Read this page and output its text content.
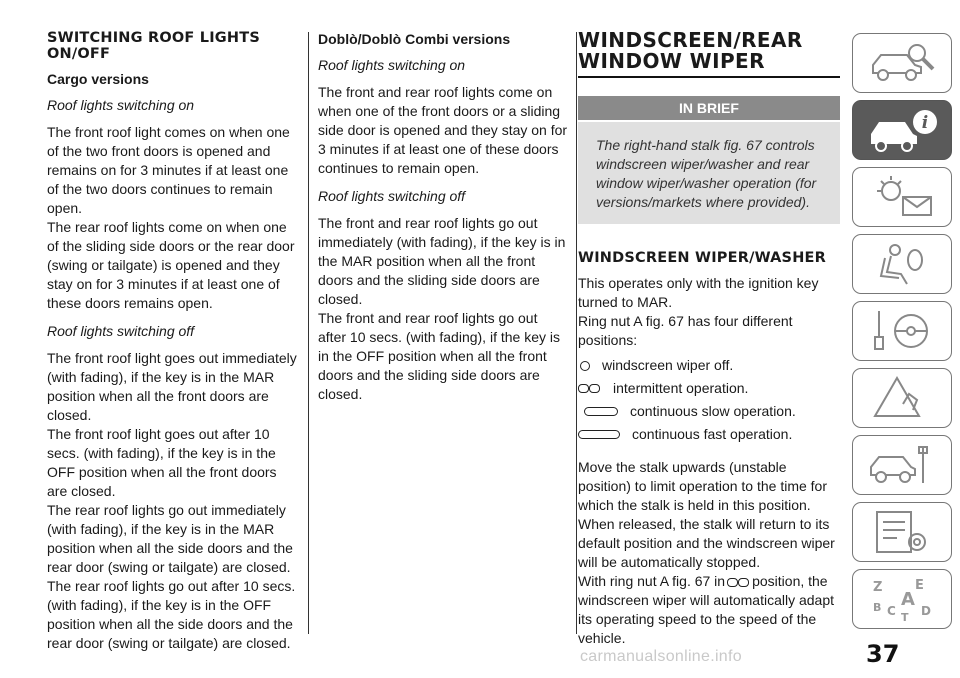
SWITCHING ROOF LIGHTS ON/OFF
Cargo versions
Roof lights switching on

The front roof light comes on when one of the two front doors is opened and remains on for 3 minutes if at least one of the two doors continues to remain open.

The rear roof lights come on when one of the sliding side doors or the rear door (swing or tailgate) is opened and they stay on for 3 minutes if at least one of these doors remains open.

Roof lights switching off

The front roof light goes out immediately (with fading), if the key is in the MAR position when all the front doors are closed.

The front roof light goes out after 10 secs. (with fading), if the key is in the OFF position when all the front doors are closed.

The rear roof lights go out immediately (with fading), if the key is in the MAR position when all the side doors and the rear door (swing or tailgate) are closed.

The rear roof lights go out after 10 secs. (with fading), if the key is in the OFF position when all the side doors and the rear door (swing or tailgate) are closed.

Doblò/Doblò Combi versions
Roof lights switching on

The front and rear roof lights come on when one of the front doors or a sliding side door is opened and they stay on for 3 minutes if at least one of these doors continues to remain open.

Roof lights switching off

The front and rear roof lights go out immediately (with fading), if the key is in the MAR position when all the front doors and the sliding side doors are closed.

The front and rear roof lights go out after 10 secs. (with fading), if the key is in the OFF position when all the front doors and the sliding side doors are closed.

WINDSCREEN/REAR WINDOW WIPER
IN BRIEF
The right-hand stalk fig. 67 controls windscreen wiper/washer and rear window wiper/washer operation (for versions/markets where provided).
WINDSCREEN WIPER/WASHER

This operates only with the ignition key turned to MAR.

Ring nut A fig. 67 has four different positions:

windscreen wiper off.
intermittent operation.
continuous slow operation.
continuous fast operation.

Move the stalk upwards (unstable position) to limit operation to the time for which the stalk is held in this position. When released, the stalk will return to its default position and the windscreen wiper will be automatically stopped.

With ring nut A fig. 67 in position, the windscreen wiper will automatically adapt its operating speed to the speed of the vehicle.

i
Z	E
B C
A
D
T
carmanualsonline.info	37
